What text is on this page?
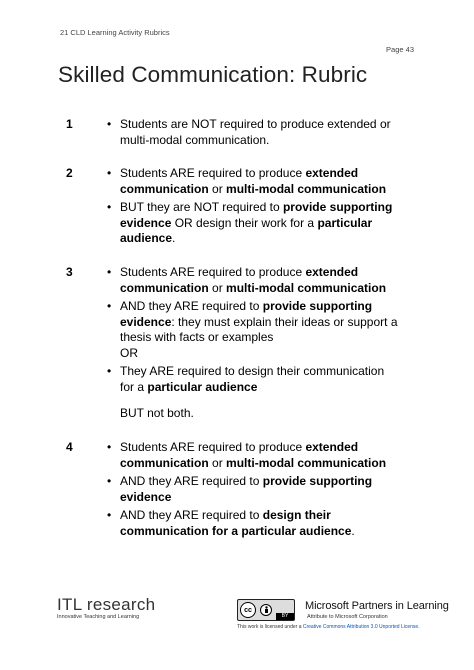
21 CLD Learning Activity Rubrics
Page 43
Skilled Communication: Rubric
1	• Students are NOT required to produce extended or multi-modal communication.
2	• Students ARE required to produce extended communication or multi-modal communication
• BUT they are NOT required to provide supporting evidence OR design their work for a particular audience.
3	• Students ARE required to produce extended communication or multi-modal communication
• AND they ARE required to provide supporting evidence: they must explain their ideas or support a thesis with facts or examples
OR
• They ARE required to design their communication for a particular audience
BUT not both.
4	• Students ARE required to produce extended communication or multi-modal communication
• AND they ARE required to provide supporting evidence
• AND they ARE required to design their communication for a particular audience.
ITL research
Innovative Teaching and Learning
cc
BY
Microsoft Partners in Learning
Attribute to Microsoft Corporation
This work is licensed under a Creative Commons Attribution 3.0 Unported License.
